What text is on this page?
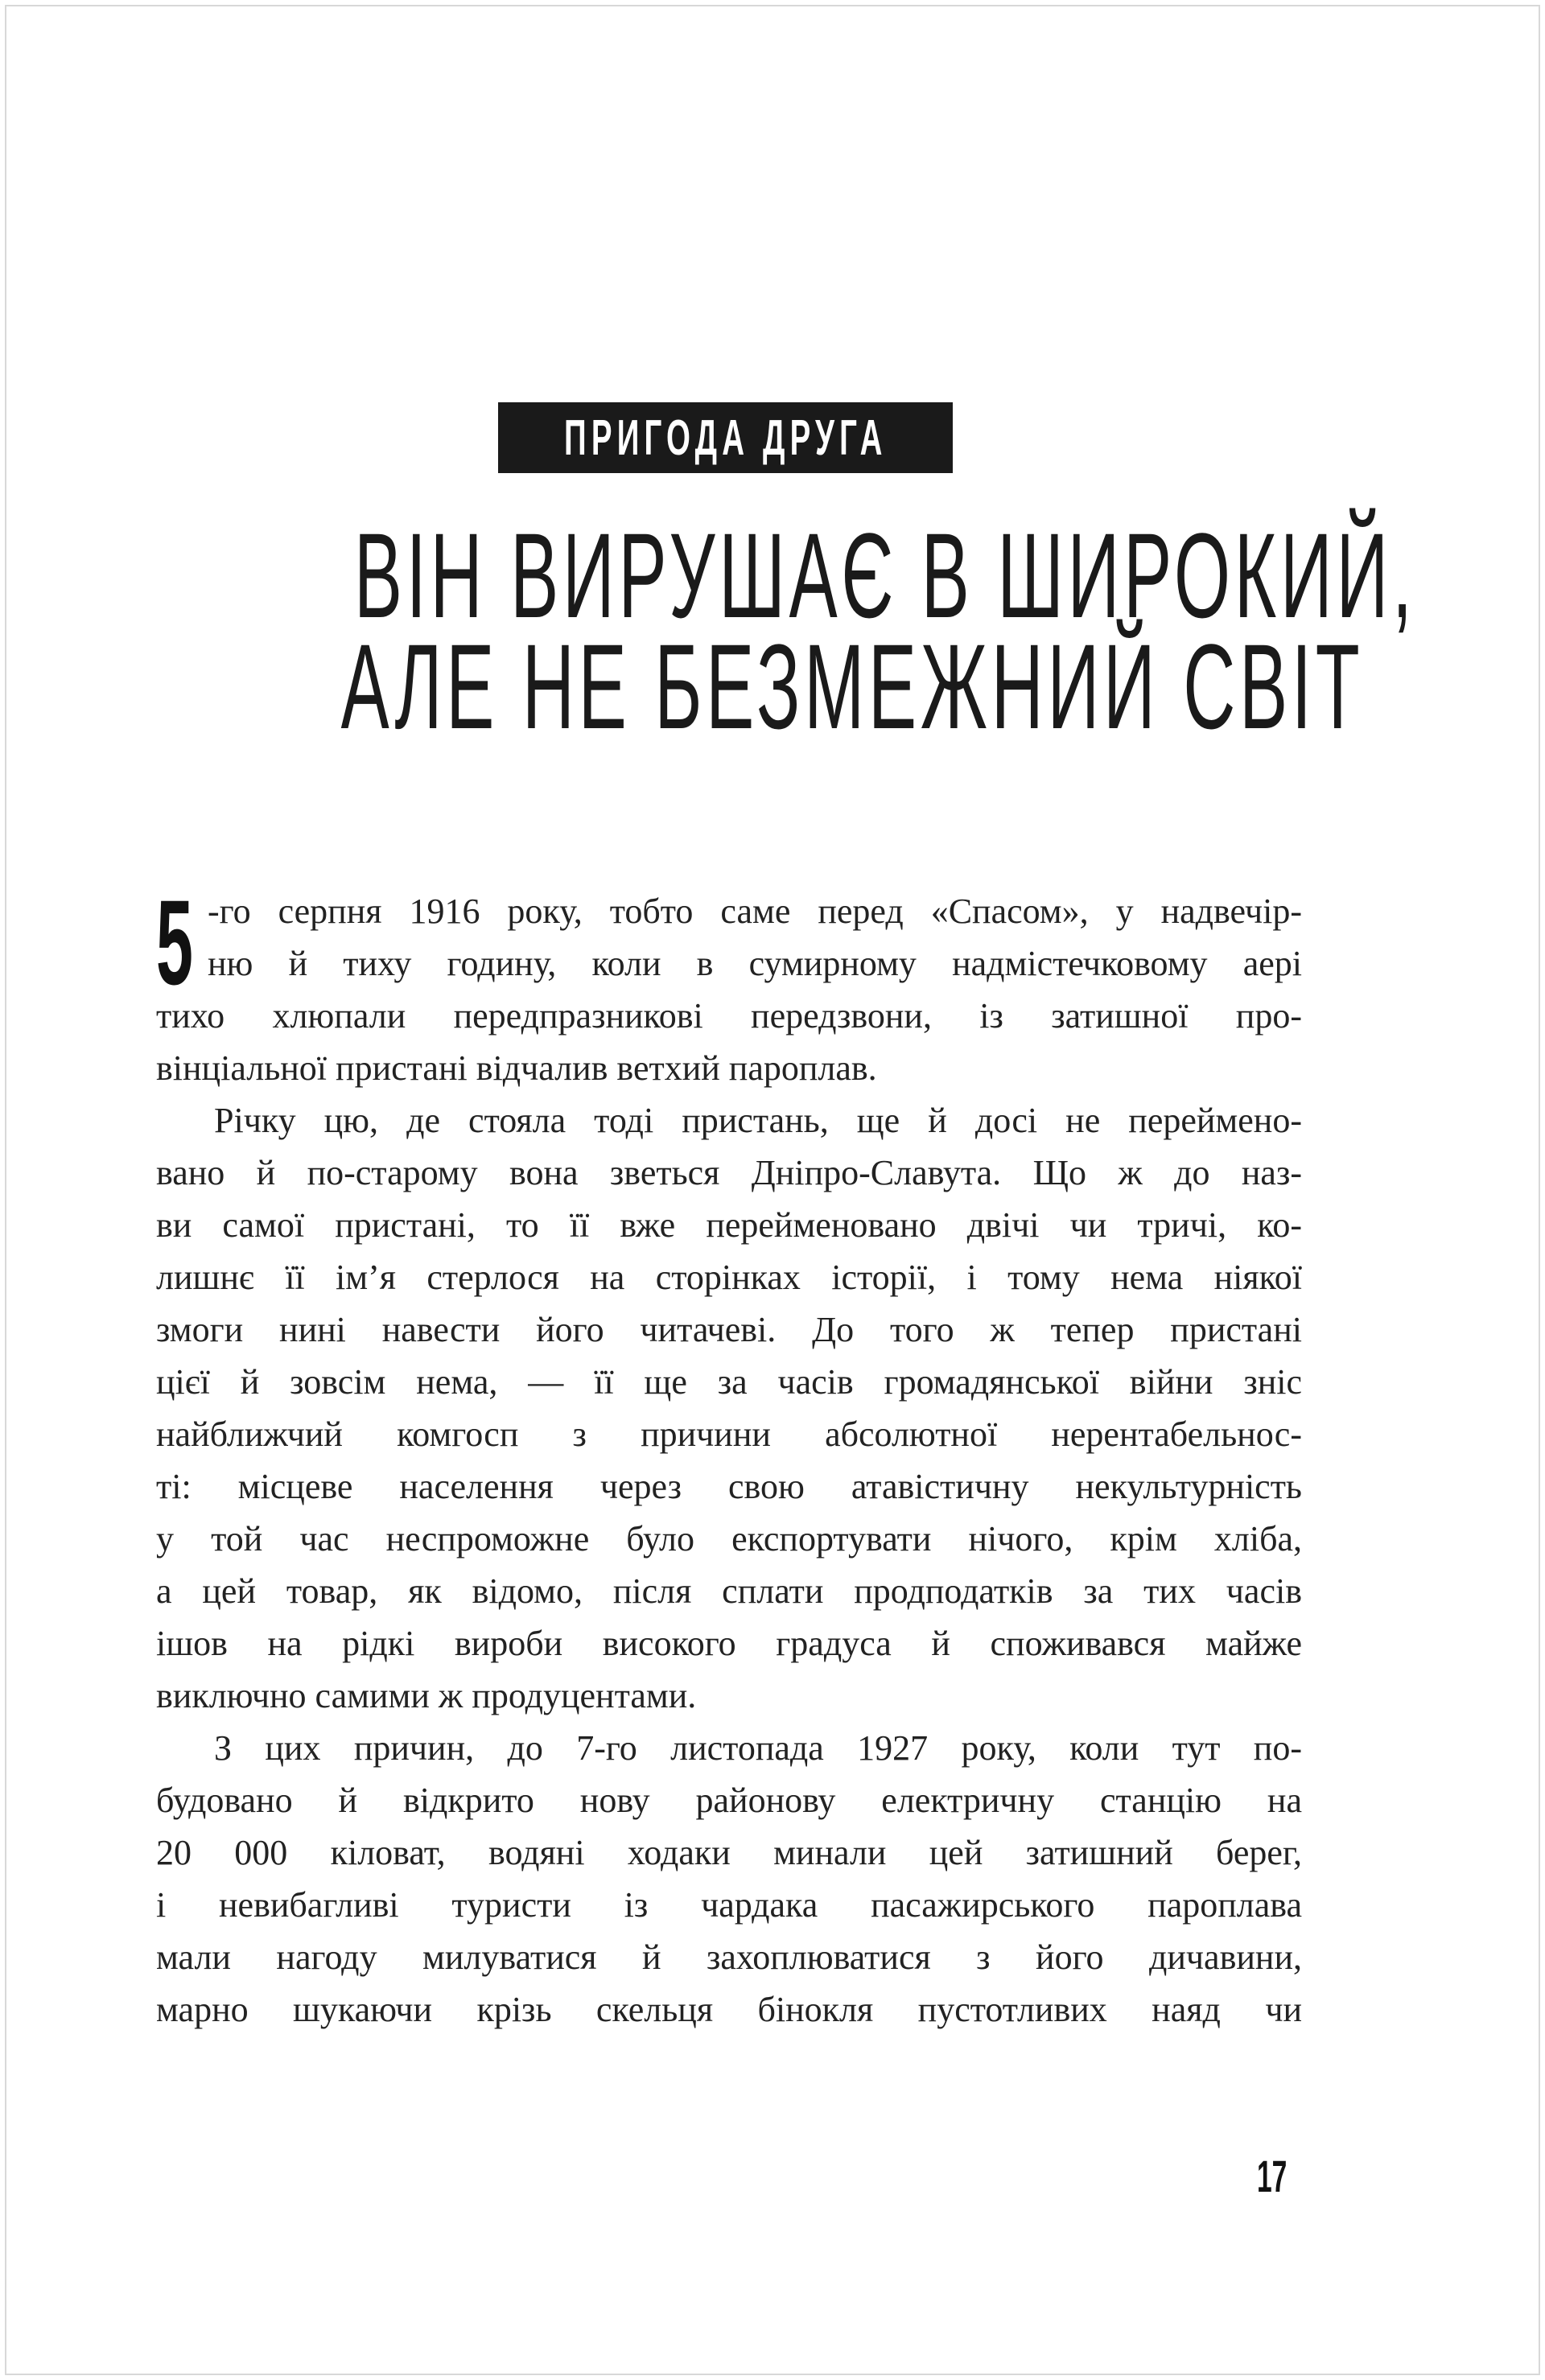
ПРИГОДА ДРУГА
ВІН ВИРУШАЄ В ШИРОКИЙ,
АЛЕ НЕ БЕЗМЕЖНИЙ СВІТ
5 -го серпня 1916 року, тобто саме перед «Спасом», у надвечір-
ню й тиху годину, коли в сумирному надмістечковому аері
тихо хлюпали передпразникові передзвони, із затишної про-
вінціальної пристані відчалив ветхий пароплав.
Річку цю, де стояла тоді пристань, ще й досі не перейменo-
вано й по-старому вона зветься Дніпро-Славута. Що ж до наз-
ви самої пристані, то її вже перейменовано двічі чи тричі, ко-
лишнє її ім’я стерлося на сторінках історії, і тому нема ніякої
змоги нині навести його читачеві. До того ж тепер пристані
цієї й зовсім нема, — її ще за часів громадянської війни зніс
найближчий комгосп з причини абсолютної нерентабельнос-
ті: місцеве населення через свою атавістичну некультурність
у той час неспроможне було експортувати нічого, крім хліба,
а цей товар, як відомо, після сплати продподатків за тих часів
ішов на рідкі вироби високого градуса й споживався майже
виключно самими ж продуцентами.
З цих причин, до 7-го листопада 1927 року, коли тут по-
будовано й відкрито нову районову електричну станцію на
20 000 кіловат, водяні ходаки минали цей затишний берег,
і невибагливі туристи із чардака пасажирського пароплава
мали нагоду милуватися й захоплюватися з його дичавини,
марно шукаючи крізь скельця бінокля пустотливих наяд чи
17
